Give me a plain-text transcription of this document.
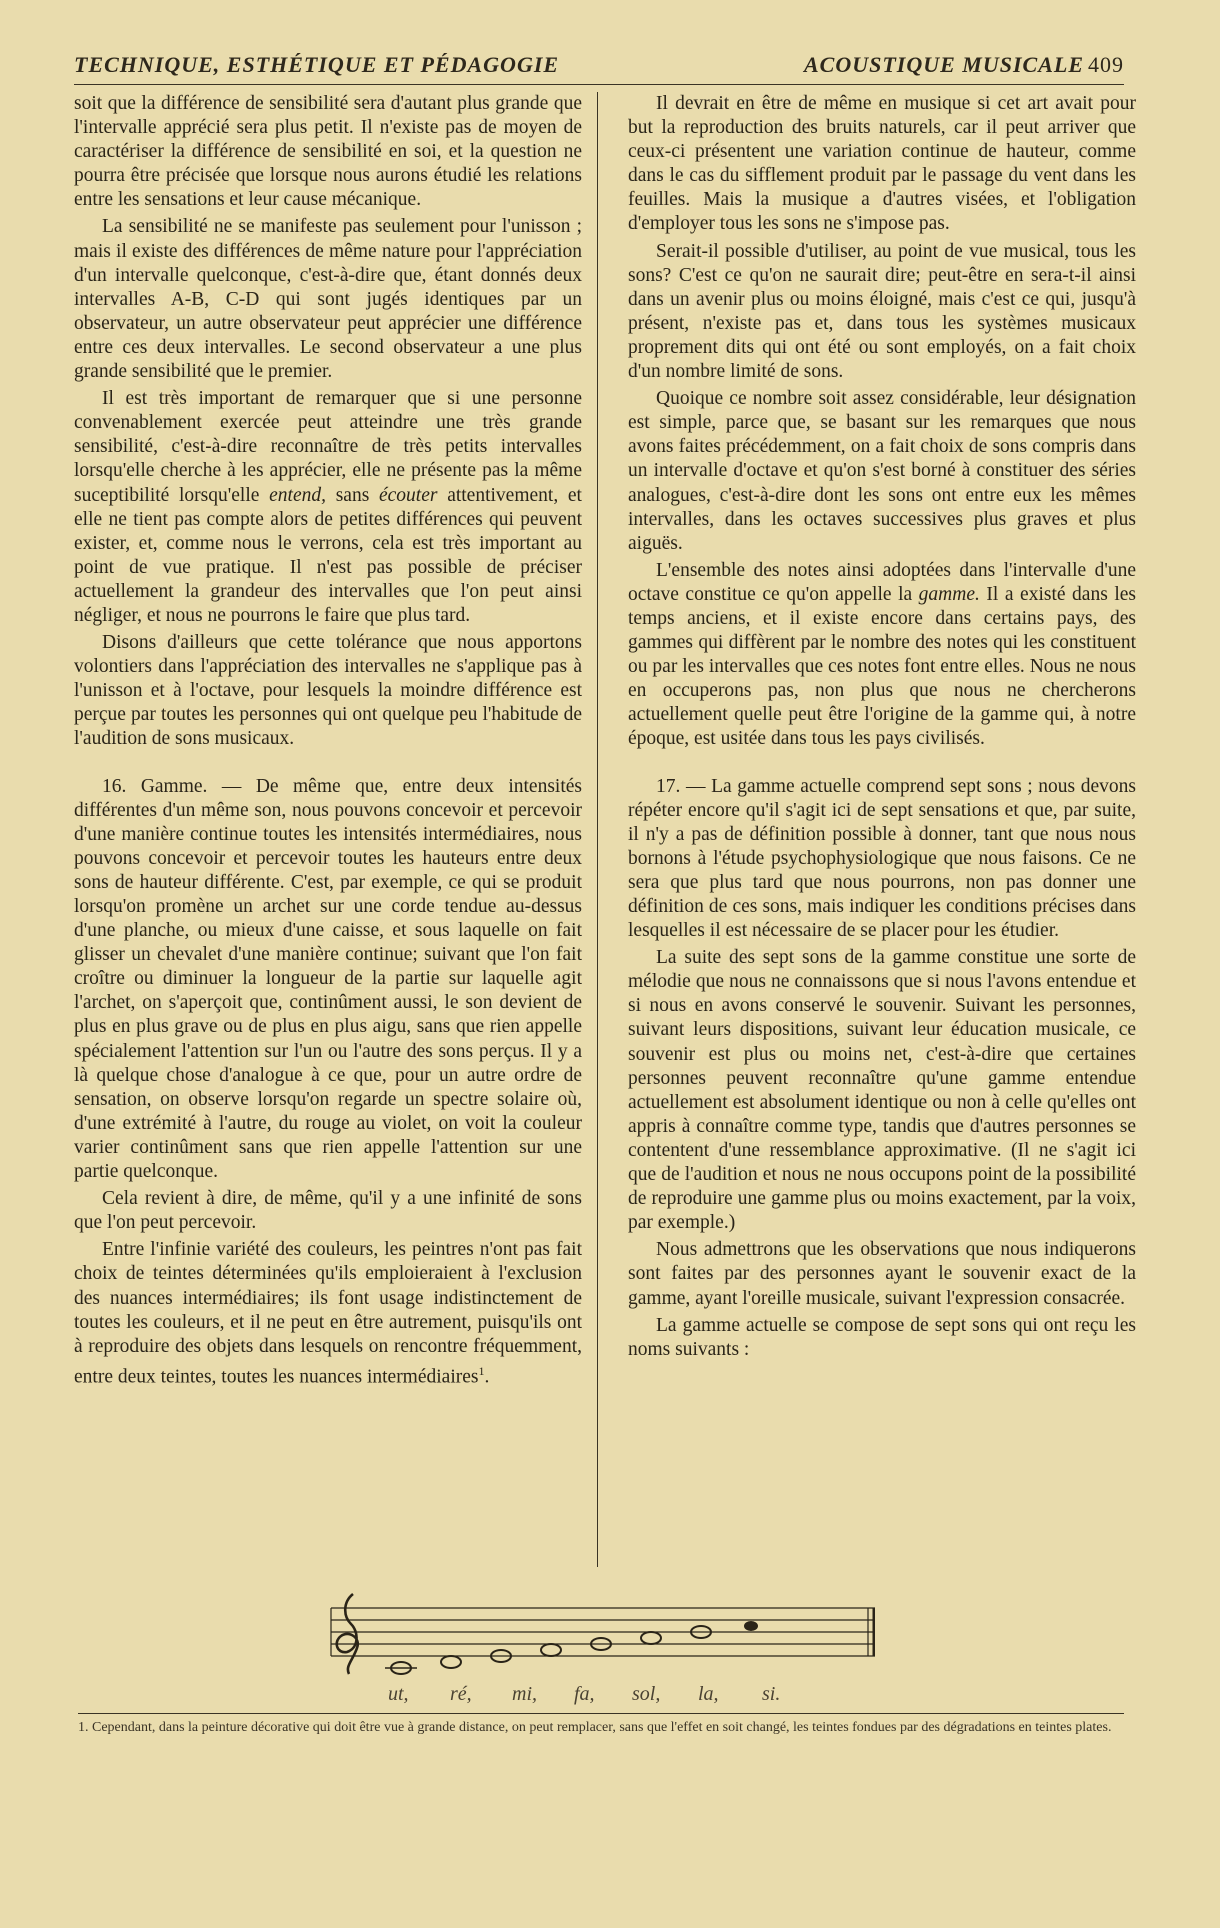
TECHNIQUE, ESTHÉTIQUE ET PÉDAGOGIE	ACOUSTIQUE MUSICALE 409

soit que la différence de sensibilité sera d'autant plus grande que l'intervalle apprécié sera plus petit. Il n'existe pas de moyen de caractériser la différence de sensibilité en soi, et la question ne pourra être précisée que lorsque nous aurons étudié les relations entre les sensations et leur cause mécanique.

La sensibilité ne se manifeste pas seulement pour l'unisson ; mais il existe des différences de même nature pour l'appréciation d'un intervalle quelconque, c'est-à-dire que, étant donnés deux intervalles A-B, C-D qui sont jugés identiques par un observateur, un autre observateur peut apprécier une différence entre ces deux intervalles. Le second observateur a une plus grande sensibilité que le premier.

Il est très important de remarquer que si une personne convenablement exercée peut atteindre une très grande sensibilité, c'est-à-dire reconnaître de très petits intervalles lorsqu'elle cherche à les apprécier, elle ne présente pas la même suceptibilité lorsqu'elle entend, sans écouter attentivement, et elle ne tient pas compte alors de petites différences qui peuvent exister, et, comme nous le verrons, cela est très important au point de vue pratique. Il n'est pas possible de préciser actuellement la grandeur des intervalles que l'on peut ainsi négliger, et nous ne pourrons le faire que plus tard.

Disons d'ailleurs que cette tolérance que nous apportons volontiers dans l'appréciation des intervalles ne s'applique pas à l'unisson et à l'octave, pour lesquels la moindre différence est perçue par toutes les personnes qui ont quelque peu l'habitude de l'audition de sons musicaux.

16. Gamme. — De même que, entre deux intensités différentes d'un même son, nous pouvons concevoir et percevoir d'une manière continue toutes les intensités intermédiaires, nous pouvons concevoir et percevoir toutes les hauteurs entre deux sons de hauteur différente. C'est, par exemple, ce qui se produit lorsqu'on promène un archet sur une corde tendue au-dessus d'une planche, ou mieux d'une caisse, et sous laquelle on fait glisser un chevalet d'une manière continue; suivant que l'on fait croître ou diminuer la longueur de la partie sur laquelle agit l'archet, on s'aperçoit que, continûment aussi, le son devient de plus en plus grave ou de plus en plus aigu, sans que rien appelle spécialement l'attention sur l'un ou l'autre des sons perçus. Il y a là quelque chose d'analogue à ce que, pour un autre ordre de sensation, on observe lorsqu'on regarde un spectre solaire où, d'une extrémité à l'autre, du rouge au violet, on voit la couleur varier continûment sans que rien appelle l'attention sur une partie quelconque.

Cela revient à dire, de même, qu'il y a une infinité de sons que l'on peut percevoir.

Entre l'infinie variété des couleurs, les peintres n'ont pas fait choix de teintes déterminées qu'ils emploieraient à l'exclusion des nuances intermédiaires; ils font usage indistinctement de toutes les couleurs, et il ne peut en être autrement, puisqu'ils ont à reproduire des objets dans lesquels on rencontre fréquemment, entre deux teintes, toutes les nuances intermédiaires$^1$.

Il devrait en être de même en musique si cet art avait pour but la reproduction des bruits naturels, car il peut arriver que ceux-ci présentent une variation continue de hauteur, comme dans le cas du sifflement produit par le passage du vent dans les feuilles. Mais la musique a d'autres visées, et l'obligation d'employer tous les sons ne s'impose pas.

Serait-il possible d'utiliser, au point de vue musical, tous les sons? C'est ce qu'on ne saurait dire; peut-être en sera-t-il ainsi dans un avenir plus ou moins éloigné, mais c'est ce qui, jusqu'à présent, n'existe pas et, dans tous les systèmes musicaux proprement dits qui ont été ou sont employés, on a fait choix d'un nombre limité de sons.

Quoique ce nombre soit assez considérable, leur désignation est simple, parce que, se basant sur les remarques que nous avons faites précédemment, on a fait choix de sons compris dans un intervalle d'octave et qu'on s'est borné à constituer des séries analogues, c'est-à-dire dont les sons ont entre eux les mêmes intervalles, dans les octaves successives plus graves et plus aiguës.

L'ensemble des notes ainsi adoptées dans l'intervalle d'une octave constitue ce qu'on appelle la gamme. Il a existé dans les temps anciens, et il existe encore dans certains pays, des gammes qui diffèrent par le nombre des notes qui les constituent ou par les intervalles que ces notes font entre elles. Nous ne nous en occuperons pas, non plus que nous ne chercherons actuellement quelle peut être l'origine de la gamme qui, à notre époque, est usitée dans tous les pays civilisés.

17. — La gamme actuelle comprend sept sons ; nous devons répéter encore qu'il s'agit ici de sept sensations et que, par suite, il n'y a pas de définition possible à donner, tant que nous nous bornons à l'étude psychophysiologique que nous faisons. Ce ne sera que plus tard que nous pourrons, non pas donner une définition de ces sons, mais indiquer les conditions précises dans lesquelles il est nécessaire de se placer pour les étudier.

La suite des sept sons de la gamme constitue une sorte de mélodie que nous ne connaissons que si nous l'avons entendue et si nous en avons conservé le souvenir. Suivant les personnes, suivant leurs dispositions, suivant leur éducation musicale, ce souvenir est plus ou moins net, c'est-à-dire que certaines personnes peuvent reconnaître qu'une gamme entendue actuellement est absolument identique ou non à celle qu'elles ont appris à connaître comme type, tandis que d'autres personnes se contentent d'une ressemblance approximative. (Il ne s'agit ici que de l'audition et nous ne nous occupons point de la possibilité de reproduire une gamme plus ou moins exactement, par la voix, par exemple.)

Nous admettrons que les observations que nous indiquerons sont faites par des personnes ayant le souvenir exact de la gamme, ayant l'oreille musicale, suivant l'expression consacrée.

La gamme actuelle se compose de sept sons qui ont reçu les noms suivants :

ut, ré, mi, fa, sol, la, si.
1. Cependant, dans la peinture décorative qui doit être vue à grande distance, on peut remplacer, sans que l'effet en soit changé, les teintes fondues par des dégradations en teintes plates.
